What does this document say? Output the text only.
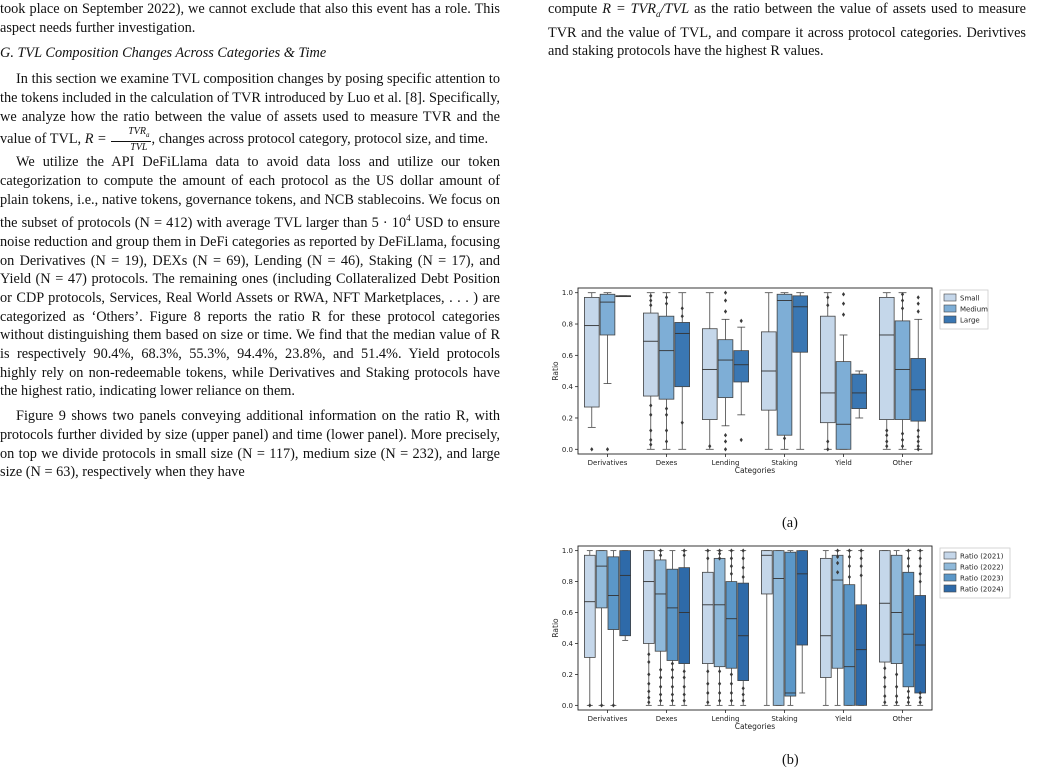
took place on September 2022), we cannot exclude that also this event has a role. This aspect needs further investigation.

G. TVL Composition Changes Across Categories & Time

In this section we examine TVL composition changes by posing specific attention to the tokens included in the calculation of TVR introduced by Luo et al. [8]. Specifically, we analyze how the ratio between the value of assets used to measure TVR and the value of TVL, $R = \frac{TVR_a}{\text{TVL}}$ , changes across protocol category, protocol size, and time.

We utilize the API DeFiLlama data to avoid data loss and utilize our token categorization to compute the amount of each protocol as the US dollar amount of plain tokens, i.e., native tokens, governance tokens, and NCB stablecoins. We focus on the subset of protocols (N = 412) with average TVL larger than $5 \cdot 10^4$ USD to ensure noise reduction and group them in DeFi categories as reported by DeFiLlama, focusing on Derivatives (N = 19), DEXs (N = 69), Lending (N = 46), Staking (N = 17), and Yield (N = 47) protocols. The remaining ones (including Collateralized Debt Position or CDP protocols, Services, Real World Assets or RWA, NFT Marketplaces, . . . ) are categorized as ‘Others’. Figure 8 reports the ratio R for these protocol categories without distinguishing them based on size or time. We find that the median value of R is respectively 90.4%, 68.3%, 55.3%, 94.4%, 23.8%, and 51.4%. Yield protocols highly rely on non-redeemable tokens, while Derivatives and Staking protocols have the highest ratio, indicating lower reliance on them.

Figure 9 shows two panels conveying additional information on the ratio R, with protocols further divided by size (upper panel) and time (lower panel). More precisely, on top we divide protocols in small size (N = 117), medium size (N = 232), and large size (N = 63), respectively when they have

compute $R = TVR_a$/TVL as the ratio between the value of assets used to measure TVR and the value of TVL, and compare it across protocol categories. Derivtives and staking protocols have the highest R values.

0.0
0.2
0.4
0.6
0.8
1.0
Ratio
Derivatives	Dexes	Lending	Staking	Yield	Other
Categories
Small
Medium
Large
(a)
0.0
0.2
0.4
0.6
0.8
1.0
Ratio
Derivatives	Dexes	Lending	Staking	Yield	Other
Categories
Ratio (2021)
Ratio (2022)
Ratio (2023)
Ratio (2024)
(b)
